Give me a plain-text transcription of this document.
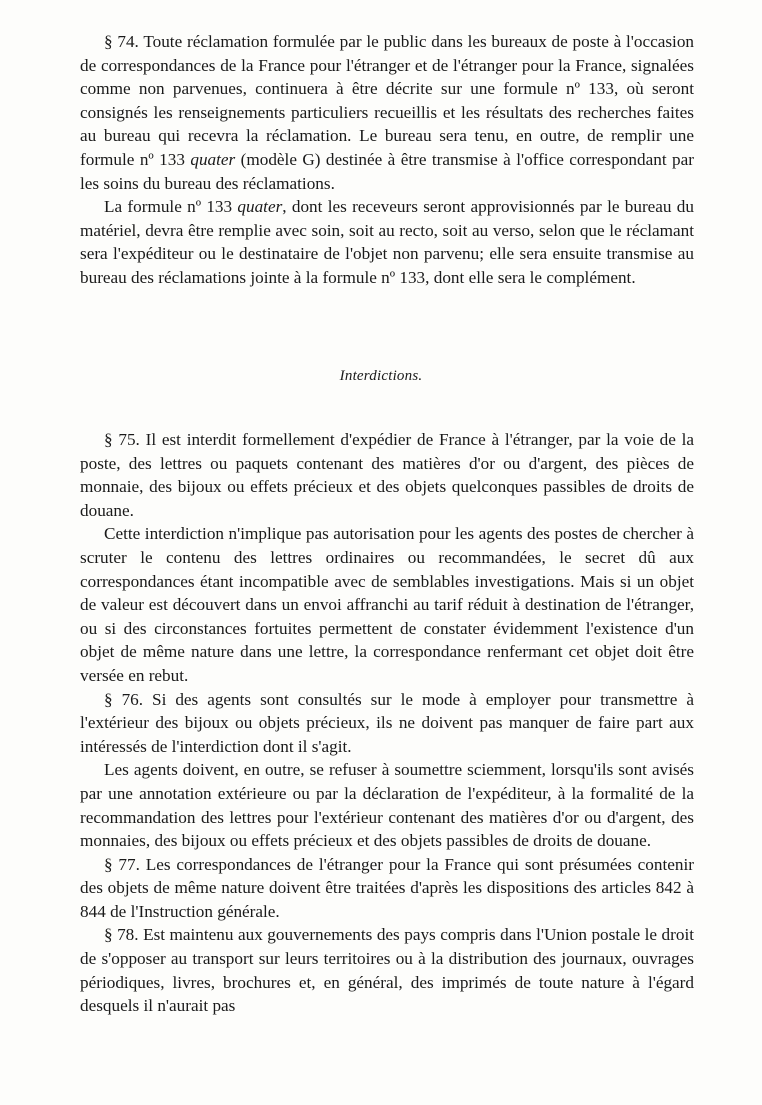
§ 74. Toute réclamation formulée par le public dans les bureaux de poste à l'occasion de correspondances de la France pour l'étranger et de l'étranger pour la France, signalées comme non parvenues, continuera à être décrite sur une formule nº 133, où seront consignés les renseignements particuliers recueillis et les résultats des recherches faites au bureau qui recevra la réclamation. Le bureau sera tenu, en outre, de remplir une formule nº 133 quater (modèle G) destinée à être transmise à l'office correspondant par les soins du bureau des réclamations.

La formule nº 133 quater, dont les receveurs seront approvisionnés par le bureau du matériel, devra être remplie avec soin, soit au recto, soit au verso, selon que le réclamant sera l'expéditeur ou le destinataire de l'objet non parvenu; elle sera ensuite transmise au bureau des réclamations jointe à la formule nº 133, dont elle sera le complément.

Interdictions.

§ 75. Il est interdit formellement d'expédier de France à l'étranger, par la voie de la poste, des lettres ou paquets contenant des matières d'or ou d'argent, des pièces de monnaie, des bijoux ou effets précieux et des objets quelconques passibles de droits de douane.

Cette interdiction n'implique pas autorisation pour les agents des postes de chercher à scruter le contenu des lettres ordinaires ou recommandées, le secret dû aux correspondances étant incompatible avec de semblables investigations. Mais si un objet de valeur est découvert dans un envoi affranchi au tarif réduit à destination de l'étranger, ou si des circonstances fortuites permettent de constater évidemment l'existence d'un objet de même nature dans une lettre, la correspondance renfermant cet objet doit être versée en rebut.

§ 76. Si des agents sont consultés sur le mode à employer pour transmettre à l'extérieur des bijoux ou objets précieux, ils ne doivent pas manquer de faire part aux intéressés de l'interdiction dont il s'agit.

Les agents doivent, en outre, se refuser à soumettre sciemment, lorsqu'ils sont avisés par une annotation extérieure ou par la déclaration de l'expéditeur, à la formalité de la recommandation des lettres pour l'extérieur contenant des matières d'or ou d'argent, des monnaies, des bijoux ou effets précieux et des objets passibles de droits de douane.

§ 77. Les correspondances de l'étranger pour la France qui sont présumées contenir des objets de même nature doivent être traitées d'après les dispositions des articles 842 à 844 de l'Instruction générale.

§ 78. Est maintenu aux gouvernements des pays compris dans l'Union postale le droit de s'opposer au transport sur leurs territoires ou à la distribution des journaux, ouvrages périodiques, livres, brochures et, en général, des imprimés de toute nature à l'égard desquels il n'aurait pas
